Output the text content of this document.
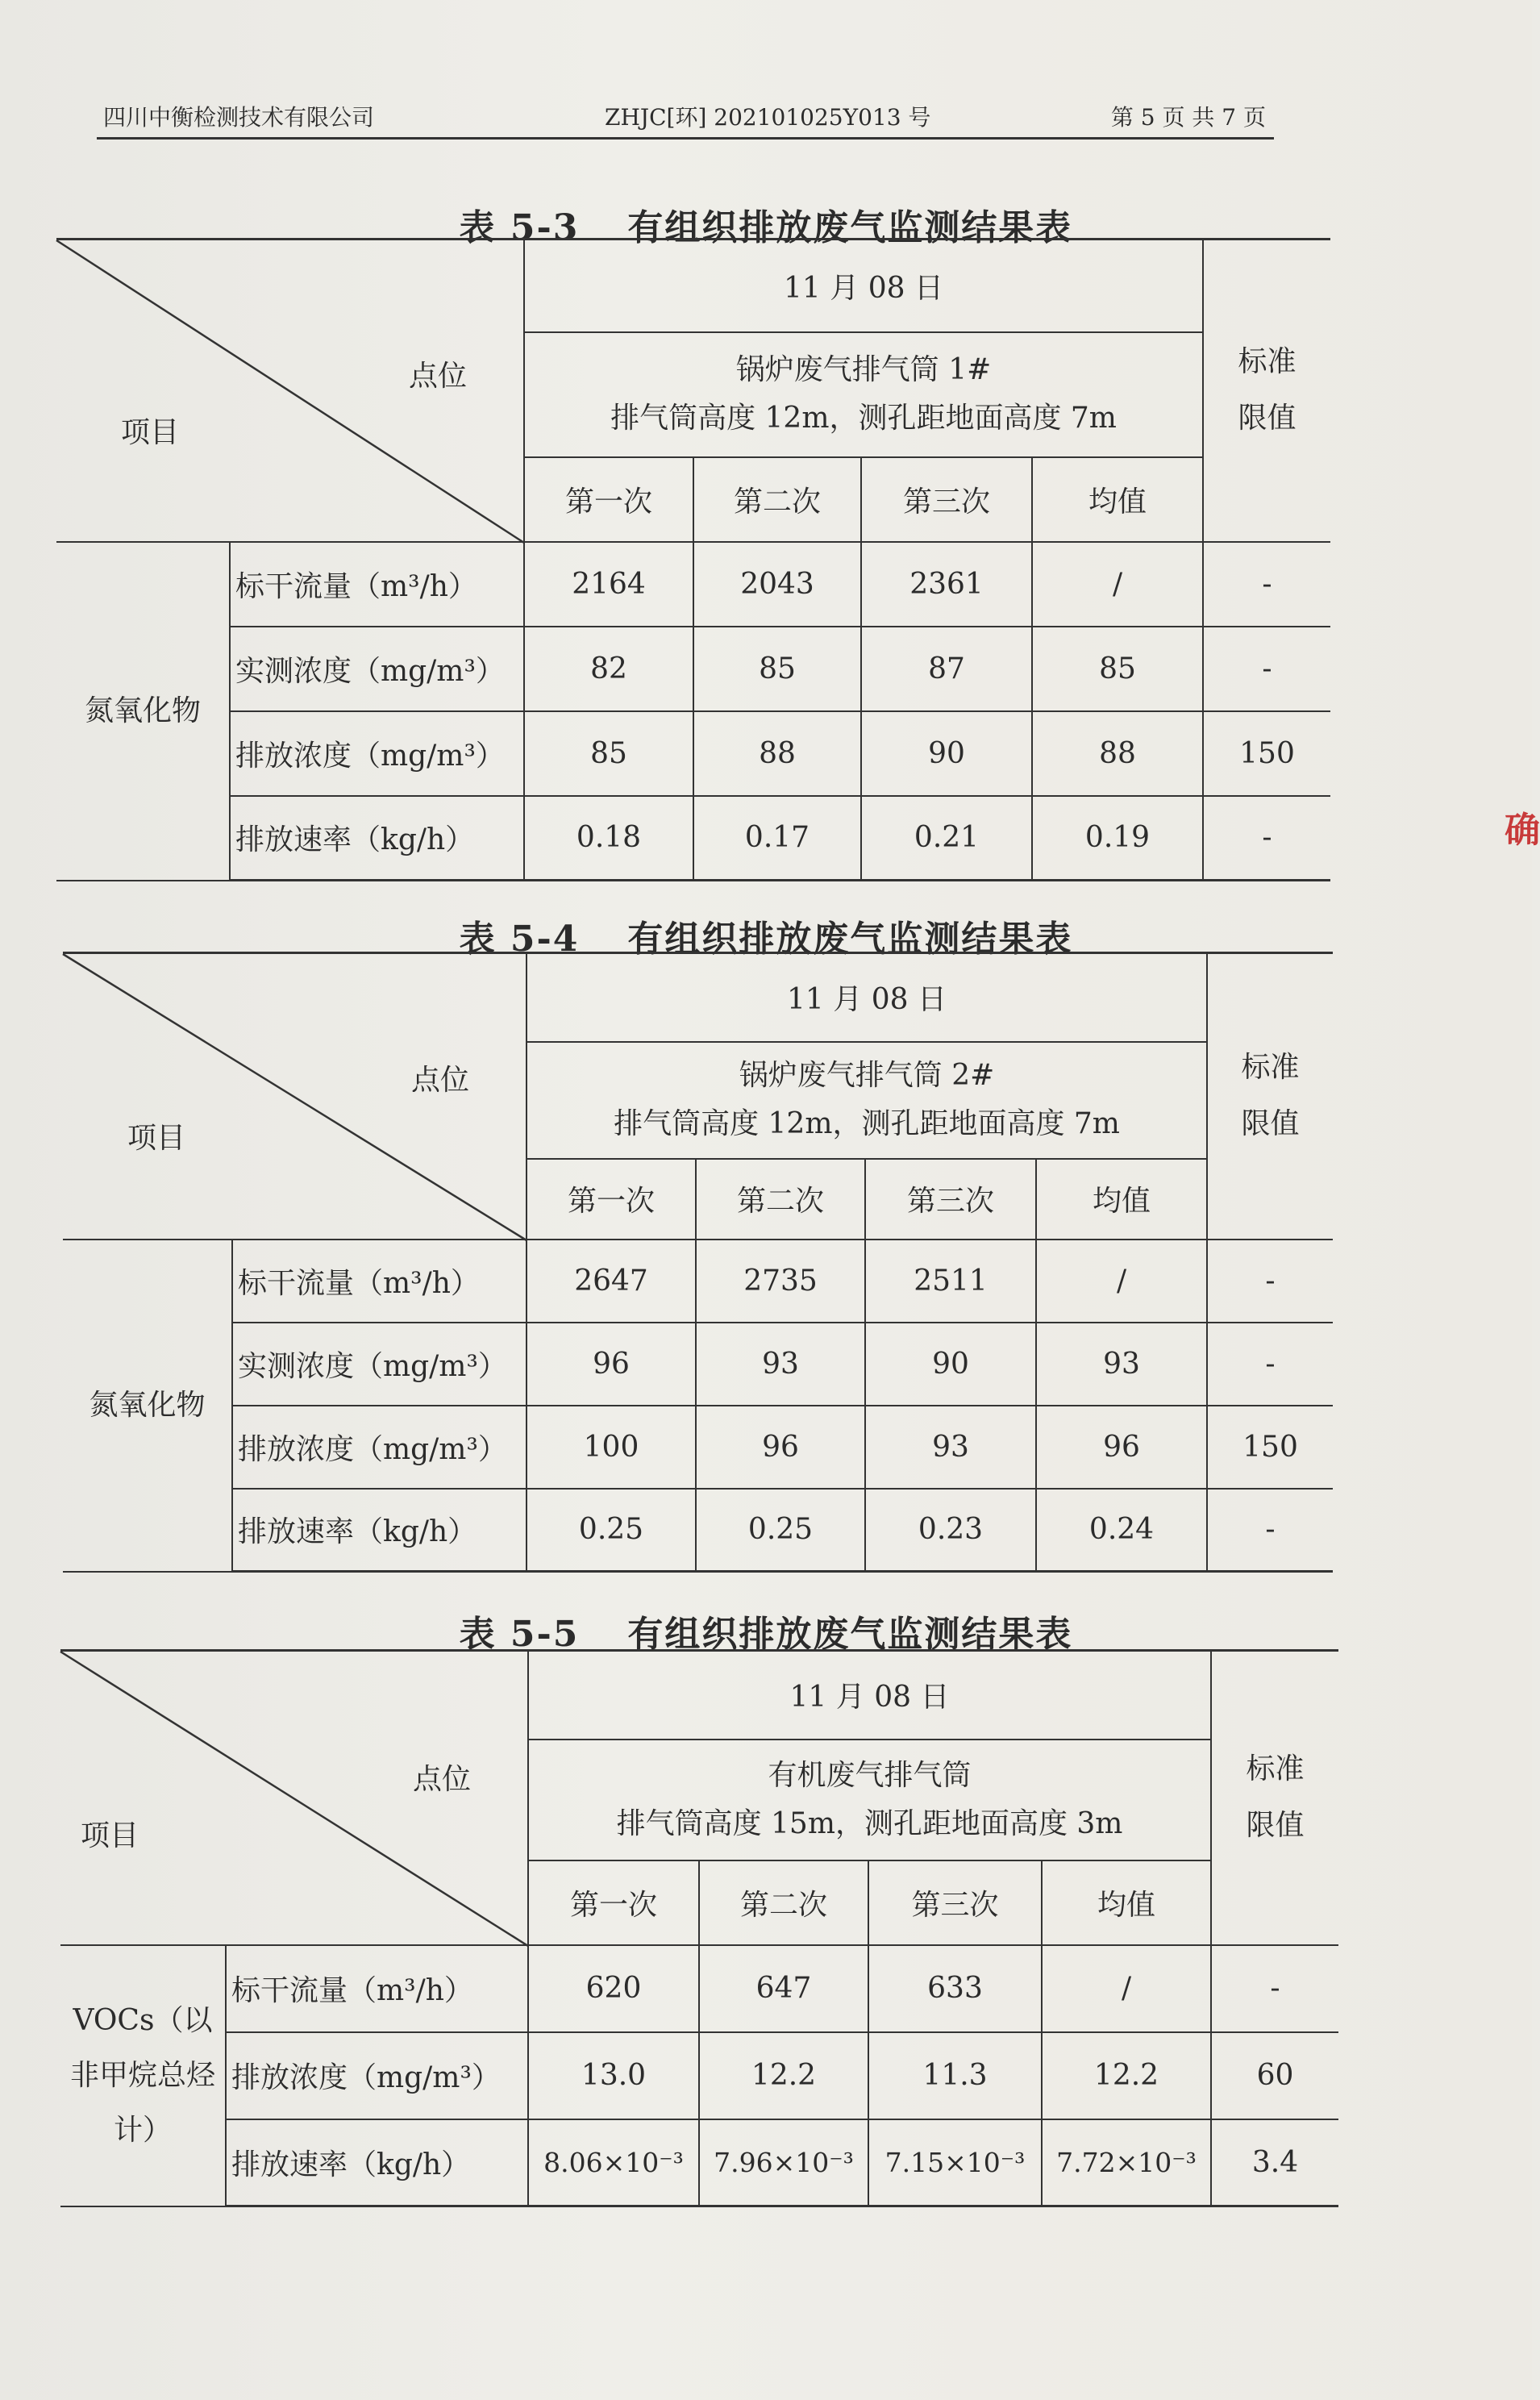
四川中衡检测技术有限公司	ZHJC[环] 202101025Y013 号	第 5 页 共 7 页
确
表 5-3 有组织排放废气监测结果表
点位
项目		11 月 08 日				标准限值

		锅炉废气排气筒 1#
排气筒高度 12m，测孔距地面高度 7m				

		第一次	第二次	第三次	均值	
氮氧化物	标干流量（m³/h）	2164	2043	2361	/	-
	实测浓度（mg/m³）	82	85	87	85	-
	排放浓度（mg/m³）	85	88	90	88	150
	排放速率（kg/h）	0.18	0.17	0.21	0.19	-
表 5-4 有组织排放废气监测结果表
点位
项目		11 月 08 日				标准限值

		锅炉废气排气筒 2#
排气筒高度 12m，测孔距地面高度 7m				

		第一次	第二次	第三次	均值	
氮氧化物	标干流量（m³/h）	2647	2735	2511	/	-
	实测浓度（mg/m³）	96	93	90	93	-
	排放浓度（mg/m³）	100	96	93	96	150
	排放速率（kg/h）	0.25	0.25	0.23	0.24	-
表 5-5 有组织排放废气监测结果表
点位
项目		11 月 08 日				标准限值

		有机废气排气筒
排气筒高度 15m，测孔距地面高度 3m				

		第一次	第二次	第三次	均值	
VOCs（以非甲烷总烃计）	标干流量（m³/h）	620	647	633	/	-
	排放浓度（mg/m³）	13.0	12.2	11.3	12.2	60
	排放速率（kg/h）	8.06×10⁻³	7.96×10⁻³	7.15×10⁻³	7.72×10⁻³	3.4
